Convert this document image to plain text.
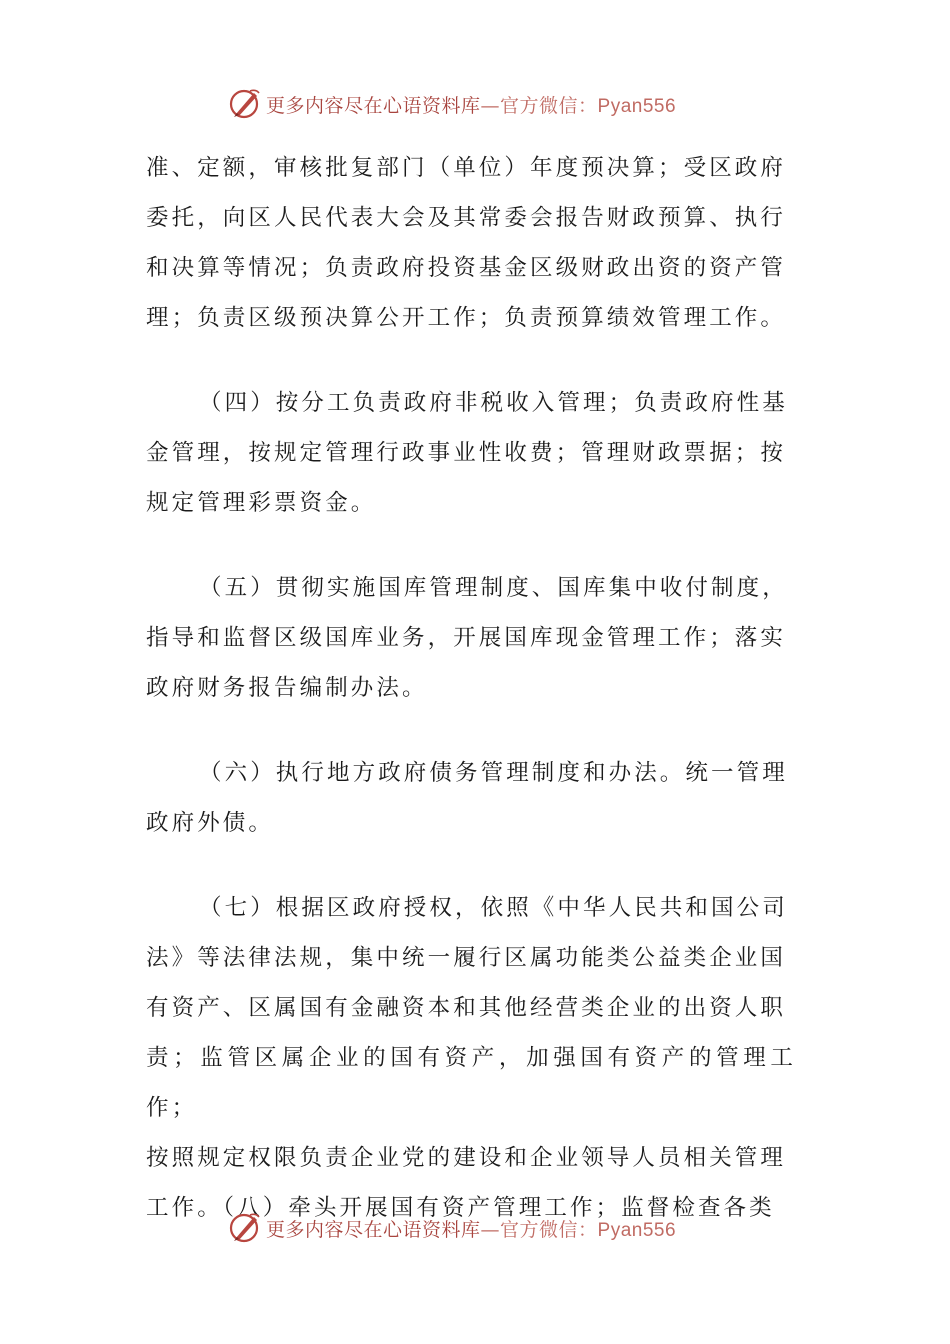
更多内容尽在心语资料库 —官方微信：Pyan556

准、定额，审核批复部门（单位）年度预决算；受区政府
委托，向区人民代表大会及其常委会报告财政预算、执行
和决算等情况；负责政府投资基金区级财政出资的资产管
理；负责区级预决算公开工作；负责预算绩效管理工作。

（四）按分工负责政府非税收入管理；负责政府性基
金管理，按规定管理行政事业性收费；管理财政票据；按
规定管理彩票资金。

（五）贯彻实施国库管理制度、国库集中收付制度，
指导和监督区级国库业务，开展国库现金管理工作；落实
政府财务报告编制办法。

（六）执行地方政府债务管理制度和办法。统一管理
政府外债。

（七）根据区政府授权，依照《中华人民共和国公司
法》等法律法规，集中统一履行区属功能类公益类企业国
有资产、区属国有金融资本和其他经营类企业的出资人职
责；监管区属企业的国有资产，加强国有资产的管理工作；
按照规定权限负责企业党的建设和企业领导人员相关管理
工作。（八）牵头开展国有资产管理工作；监督检查各类

更多内容尽在心语资料库 —官方微信：Pyan556
